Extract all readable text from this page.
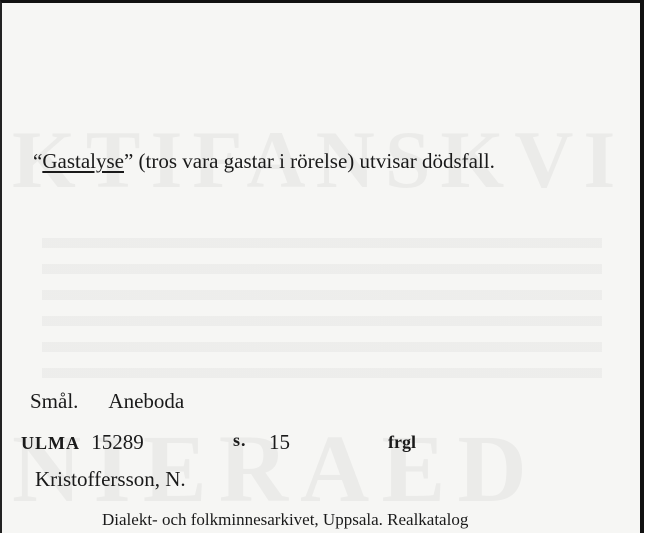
“Gastalyse” (tros vara gastar i rörelse) utvisar dödsfall.
Smål. Aneboda
ULMA 15289	s. 15	frgl
Kristoffersson, N.
Dialekt- och folkminnesarkivet, Uppsala. Realkatalog
